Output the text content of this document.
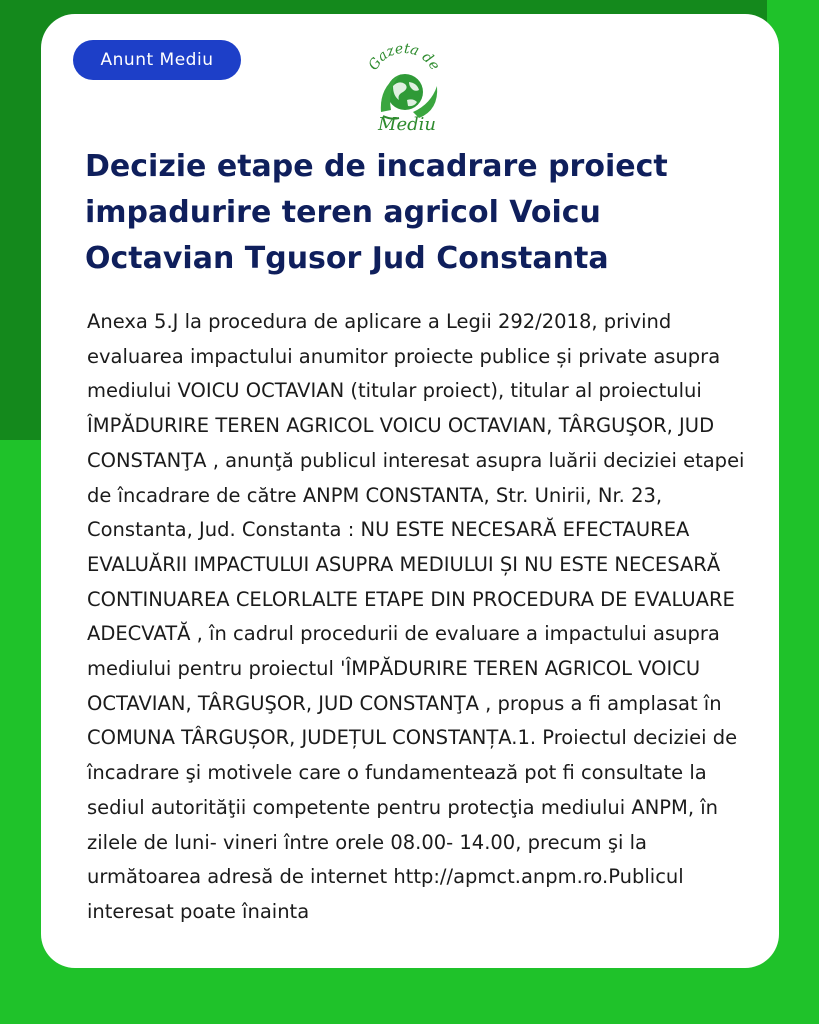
Anunt Mediu	Gazeta de
Mediu
Decizie etape de incadrare proiect impadurire teren agricol Voicu Octavian Tgusor Jud Constanta

Anexa 5.J la procedura de aplicare a Legii 292/2018, privind evaluarea impactului anumitor proiecte publice și private asupra mediului VOICU OCTAVIAN (titular proiect), titular al proiectului ÎMPĂDURIRE TEREN AGRICOL VOICU OCTAVIAN, TÂRGUŞOR, JUD CONSTANŢA , anunţă publicul interesat asupra luării deciziei etapei de încadrare de către ANPM CONSTANTA, Str. Unirii, Nr. 23, Constanta, Jud. Constanta : NU ESTE NECESARĂ EFECTAUREA EVALUĂRII IMPACTULUI ASUPRA MEDIULUI ȘI NU ESTE NECESARĂ CONTINUAREA CELORLALTE ETAPE DIN PROCEDURA DE EVALUARE ADECVATĂ , în cadrul procedurii de evaluare a impactului asupra mediului pentru proiectul 'ÎMPĂDURIRE TEREN AGRICOL VOICU OCTAVIAN, TÂRGUŞOR, JUD CONSTANŢA , propus a fi amplasat în COMUNA TÂRGUȘOR, JUDEȚUL CONSTANȚA.1. Proiectul deciziei de încadrare şi motivele care o fundamentează pot fi consultate la sediul autorităţii competente pentru protecţia mediului ANPM, în zilele de luni- vineri între orele 08.00- 14.00, precum şi la următoarea adresă de internet http://apmct.anpm.ro.Publicul interesat poate înainta
